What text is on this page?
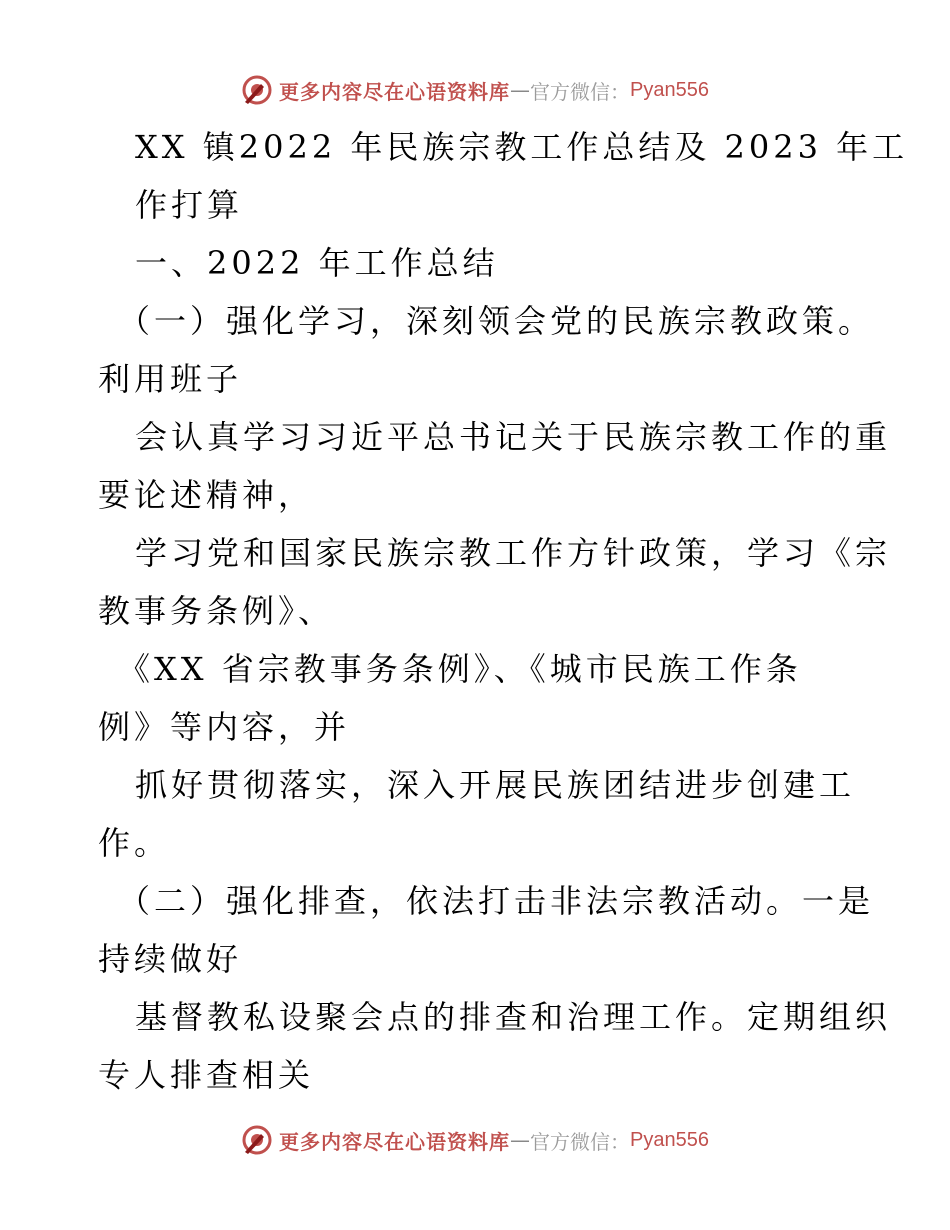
更多内容尽在心语资料库 — 官方微信： Pyan556
XX 镇2022 年民族宗教工作总结及 2023 年工
作打算
一、2022 年工作总结
（一）强化学习，深刻领会党的民族宗教政策。
利用班子
会认真学习习近平总书记关于民族宗教工作的重
要论述精神，
学习党和国家民族宗教工作方针政策，学习《宗
教事务条例》、
《XX 省宗教事务条例》、《城市民族工作条
例》等内容，并
抓好贯彻落实，深入开展民族团结进步创建工
作。
（二）强化排查，依法打击非法宗教活动。一是
持续做好
基督教私设聚会点的排查和治理工作。定期组织
专人排查相关
更多内容尽在心语资料库 — 官方微信： Pyan556
